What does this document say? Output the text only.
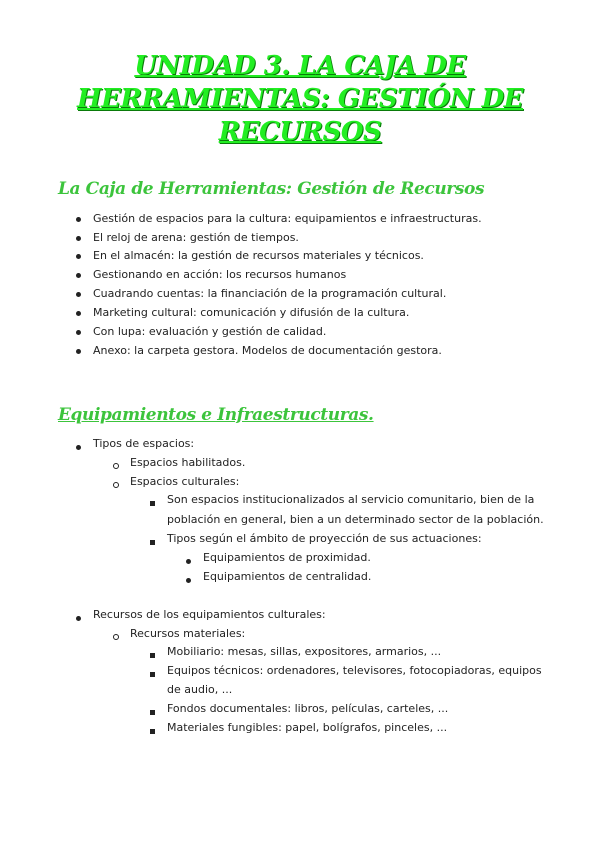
UNIDAD 3. LA CAJA DE
HERRAMIENTAS: GESTIÓN DE
RECURSOS
La Caja de Herramientas: Gestión de Recursos
Gestión de espacios para la cultura: equipamientos e infraestructuras.
El reloj de arena: gestión de tiempos.
En el almacén: la gestión de recursos materiales y técnicos.
Gestionando en acción: los recursos humanos
Cuadrando cuentas: la financiación de la programación cultural.
Marketing cultural: comunicación y difusión de la cultura.
Con lupa: evaluación y gestión de calidad.
Anexo: la carpeta gestora. Modelos de documentación gestora.
Equipamientos e Infraestructuras.
Tipos de espacios:
Espacios habilitados.
Espacios culturales:
Son espacios institucionalizados al servicio comunitario, bien de la
población en general, bien a un determinado sector de la población.
Tipos según el ámbito de proyección de sus actuaciones:
Equipamientos de proximidad.
Equipamientos de centralidad.
Recursos de los equipamientos culturales:
Recursos materiales:
Mobiliario: mesas, sillas, expositores, armarios, ...
Equipos técnicos: ordenadores, televisores, fotocopiadoras, equipos
de audio, ...
Fondos documentales: libros, películas, carteles, ...
Materiales fungibles: papel, bolígrafos, pinceles, ...
